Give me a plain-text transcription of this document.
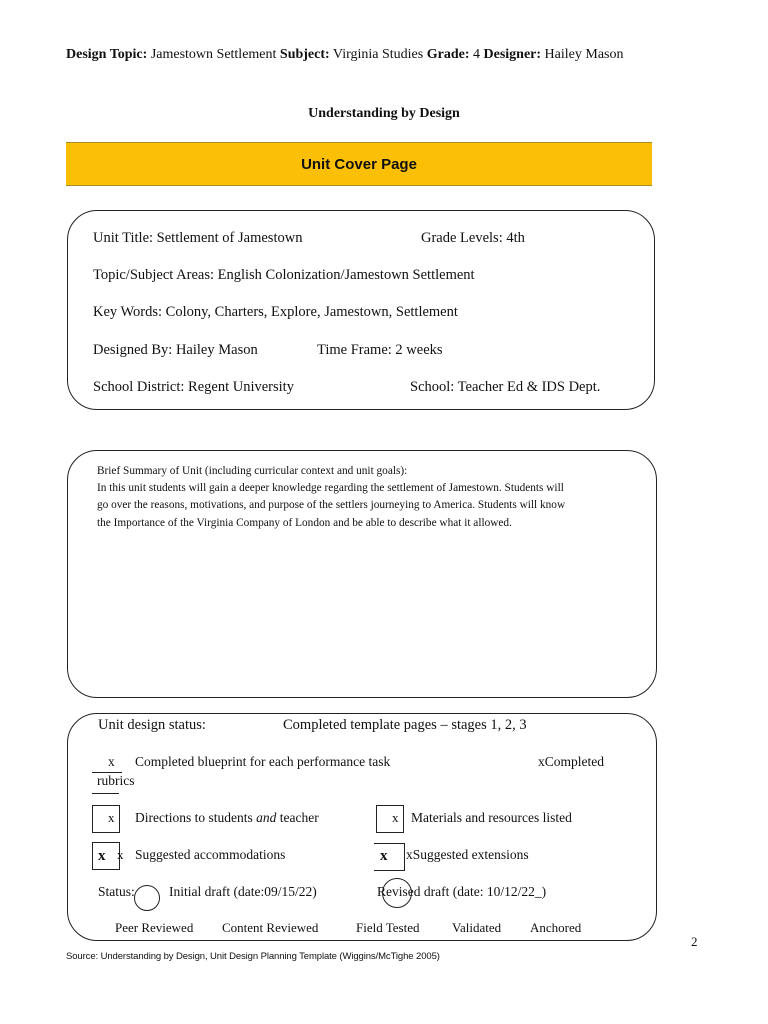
Design Topic: Jamestown Settlement Subject: Virginia Studies Grade: 4 Designer: Hailey Mason
Understanding by Design
Unit Cover Page
Unit Title: Settlement of Jamestown	Grade Levels: 4th
Topic/Subject Areas: English Colonization/Jamestown Settlement
Key Words: Colony, Charters, Explore, Jamestown, Settlement
Designed By: Hailey Mason	Time Frame: 2 weeks
School District: Regent University	School: Teacher Ed & IDS Dept.

Brief Summary of Unit (including curricular context and unit goals):

In this unit students will gain a deeper knowledge regarding the settlement of Jamestown. Students will

go over the reasons, motivations, and purpose of the settlers journeying to America. Students will know

the Importance of the Virginia Company of London and be able to describe what it allowed.

Unit design status:	Completed template pages – stages 1, 2, 3
x Completed blueprint for each performance task	xCompleted
rubrics
x Directions to students and teacher	x Materials and resources listed
x x Suggested accommodations	x xSuggested extensions
Status:	Initial draft (date:09/15/22)	Revised draft (date: 10/12/22_)
Peer Reviewed Content Reviewed	Field Tested	Validated Anchored
2
Source: Understanding by Design, Unit Design Planning Template (Wiggins/McTighe 2005)
